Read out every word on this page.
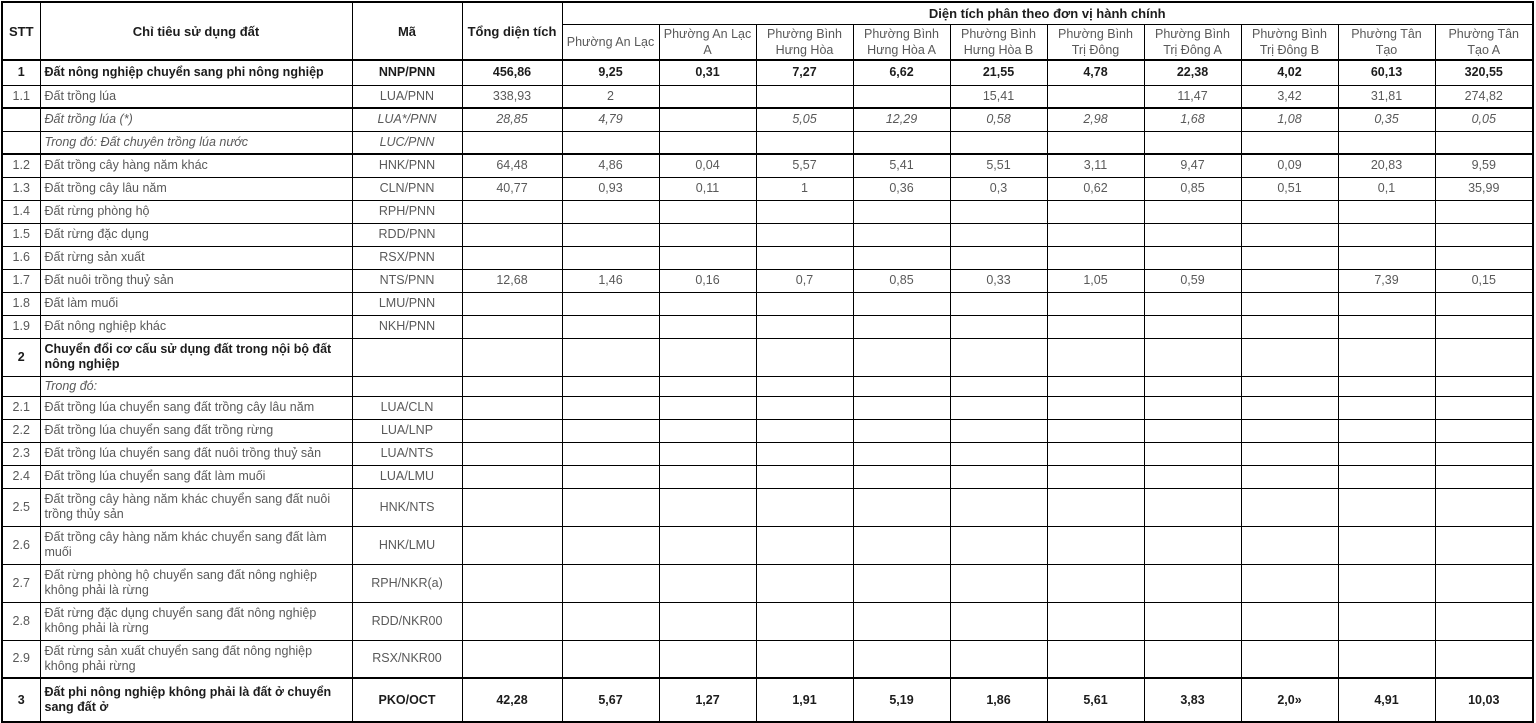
STT	Chỉ tiêu sử dụng đất	Mã	Tổng diện tích	Diện tích phân theo đơn vị hành chính									
				Phường An Lạc	Phường An Lạc A	Phường Bình Hưng Hòa	Phường Bình Hưng Hòa A	Phường Bình Hưng Hòa B	Phường Bình Trị Đông	Phường Bình Trị Đông A	Phường Bình Trị Đông B	Phường Tân Tạo	Phường Tân Tạo A
1	Đất nông nghiệp chuyển sang phi nông nghiệp	NNP/PNN	456,86	9,25	0,31	7,27	6,62	21,55	4,78	22,38	4,02	60,13	320,55
1.1	Đất trồng lúa	LUA/PNN	338,93	2				15,41		11,47	3,42	31,81	274,82
	Đất trồng lúa (*)	LUA*/PNN	28,85	4,79		5,05	12,29	0,58	2,98	1,68	1,08	0,35	0,05
	Trong đó: Đất chuyên trồng lúa nước	LUC/PNN											
1.2	Đất trồng cây hàng năm khác	HNK/PNN	64,48	4,86	0,04	5,57	5,41	5,51	3,11	9,47	0,09	20,83	9,59
1.3	Đất trồng cây lâu năm	CLN/PNN	40,77	0,93	0,11	1	0,36	0,3	0,62	0,85	0,51	0,1	35,99
1.4	Đất rừng phòng hộ	RPH/PNN											
1.5	Đất rừng đặc dụng	RDD/PNN											
1.6	Đất rừng sản xuất	RSX/PNN											
1.7	Đất nuôi trồng thuỷ sản	NTS/PNN	12,68	1,46	0,16	0,7	0,85	0,33	1,05	0,59		7,39	0,15
1.8	Đất làm muối	LMU/PNN											
1.9	Đất nông nghiệp khác	NKH/PNN											
2	Chuyển đổi cơ cấu sử dụng đất trong nội bộ đất nông nghiệp												
	Trong đó:												
2.1	Đất trồng lúa chuyển sang đất trồng cây lâu năm	LUA/CLN											
2.2	Đất trồng lúa chuyển sang đất trồng rừng	LUA/LNP											
2.3	Đất trồng lúa chuyển sang đất nuôi trồng thuỷ sản	LUA/NTS											
2.4	Đất trồng lúa chuyển sang đất làm muối	LUA/LMU											
2.5	Đất trồng cây hàng năm khác chuyển sang đất nuôi trồng thủy sản	HNK/NTS											
2.6	Đất trồng cây hàng năm khác chuyển sang đất làm muối	HNK/LMU											
2.7	Đất rừng phòng hộ chuyển sang đất nông nghiệp không phải là rừng	RPH/NKR(a)											
2.8	Đất rừng đặc dụng chuyển sang đất nông nghiệp không phải là rừng	RDD/NKR00											
2.9	Đất rừng sản xuất chuyển sang đất nông nghiệp không phải rừng	RSX/NKR00											
3	Đất phi nông nghiệp không phải là đất ở chuyển sang đất ở	PKO/OCT	42,28	5,67	1,27	1,91	5,19	1,86	5,61	3,83	2,0»	4,91	10,03
